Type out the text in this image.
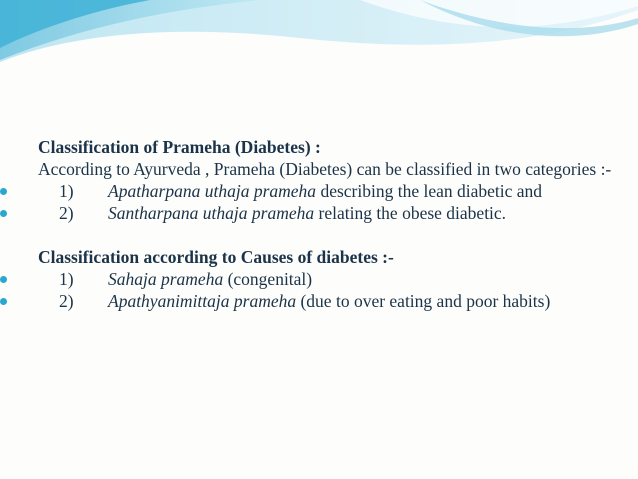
Classification of Prameha (Diabetes) :

According to Ayurveda , Prameha (Diabetes) can be classified in two categories :-

1) Apatharpana uthaja prameha describing the lean diabetic and

2) Santharpana uthaja prameha relating the obese diabetic.

Classification according to Causes of diabetes :-

1) Sahaja prameha (congenital)

2) Apathyanimittaja prameha (due to over eating and poor habits)
